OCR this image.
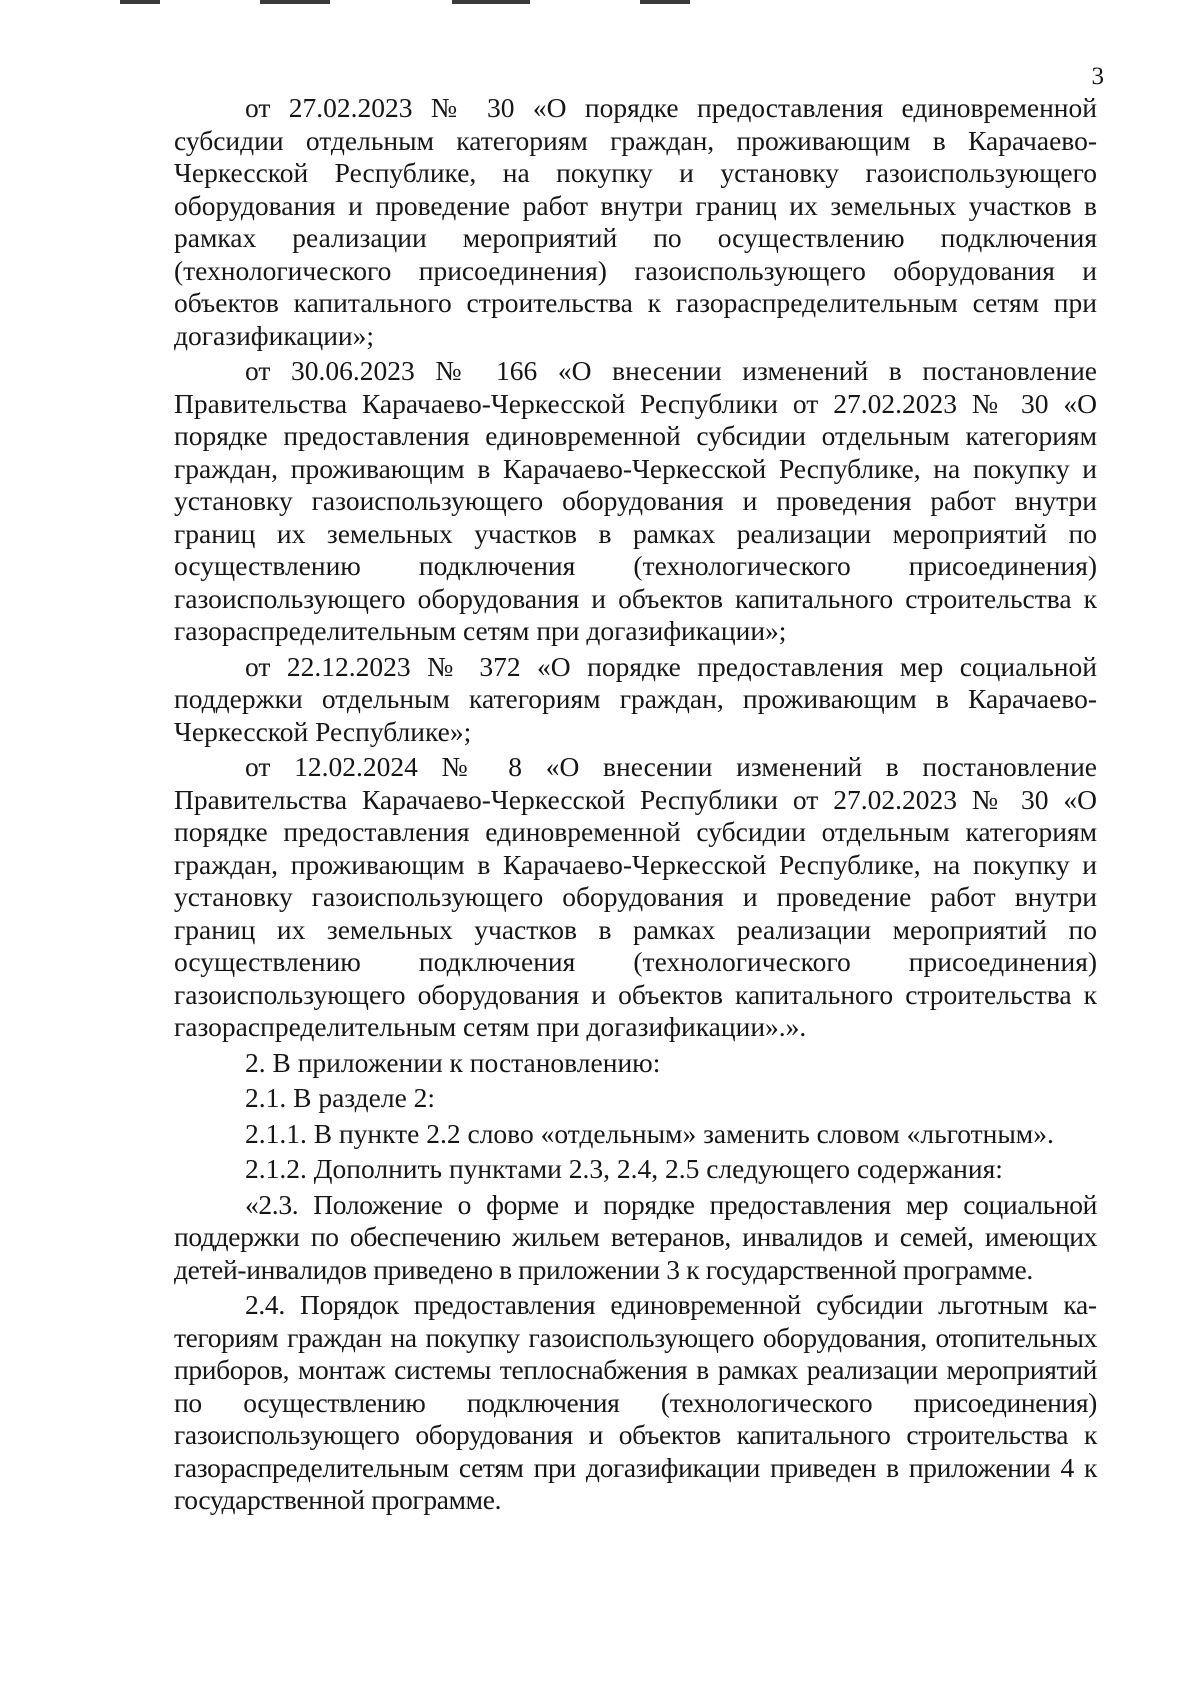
3

от 27.02.2023 № 30 «О порядке предоставления единовременной субсидии отдельным категориям граждан, проживающим в Карачаево-Черкесской Республике, на покупку и установку газоиспользующего оборудования и проведение работ внутри границ их земельных участков в рамках реализации мероприятий по осуществлению подключения (технологического присоединения) газоиспользующего оборудования и объектов капитального строительства к газораспределительным сетям при догазификации»;

от 30.06.2023 № 166 «О внесении изменений в постановление Правительства Карачаево-Черкесской Республики от 27.02.2023 № 30 «О порядке предоставления единовременной субсидии отдельным категориям граждан, проживающим в Карачаево-Черкесской Республике, на покупку и установку газоиспользующего оборудования и проведения работ внутри границ их земельных участков в рамках реализации мероприятий по осуществлению подключения (технологического присоединения) газоиспользующего оборудования и объектов капитального строительства к газораспределительным сетям при догазификации»;

от 22.12.2023 № 372 «О порядке предоставления мер социальной поддержки отдельным категориям граждан, проживающим в Карачаево-Черкесской Республике»;

от 12.02.2024 № 8 «О внесении изменений в постановление Правительства Карачаево-Черкесской Республики от 27.02.2023 № 30 «О порядке предоставления единовременной субсидии отдельным категориям граждан, проживающим в Карачаево-Черкесской Республике, на покупку и установку газоиспользующего оборудования и проведение работ внутри границ их земельных участков в рамках реализации мероприятий по осуществлению подключения (технологического присоединения) газоиспользующего оборудования и объектов капитального строительства к газораспределительным сетям при догазификации».».

2. В приложении к постановлению:

2.1. В разделе 2:

2.1.1. В пункте 2.2 слово «отдельным» заменить словом «льготным».

2.1.2. Дополнить пунктами 2.3, 2.4, 2.5 следующего содержания:

«2.3. Положение о форме и порядке предоставления мер социальной поддержки по обеспечению жильем ветеранов, инвалидов и семей, имеющих детей-инвалидов приведено в приложении 3 к государственной программе.

2.4. Порядок предоставления единовременной субсидии льготным категориям граждан на покупку газоиспользующего оборудования, отопительных приборов, монтаж системы теплоснабжения в рамках реализации мероприятий по осуществлению подключения (технологического присоединения) газоиспользующего оборудования и объектов капитального строительства к газораспределительным сетям при догазификации приведен в приложении 4 к государственной программе.
